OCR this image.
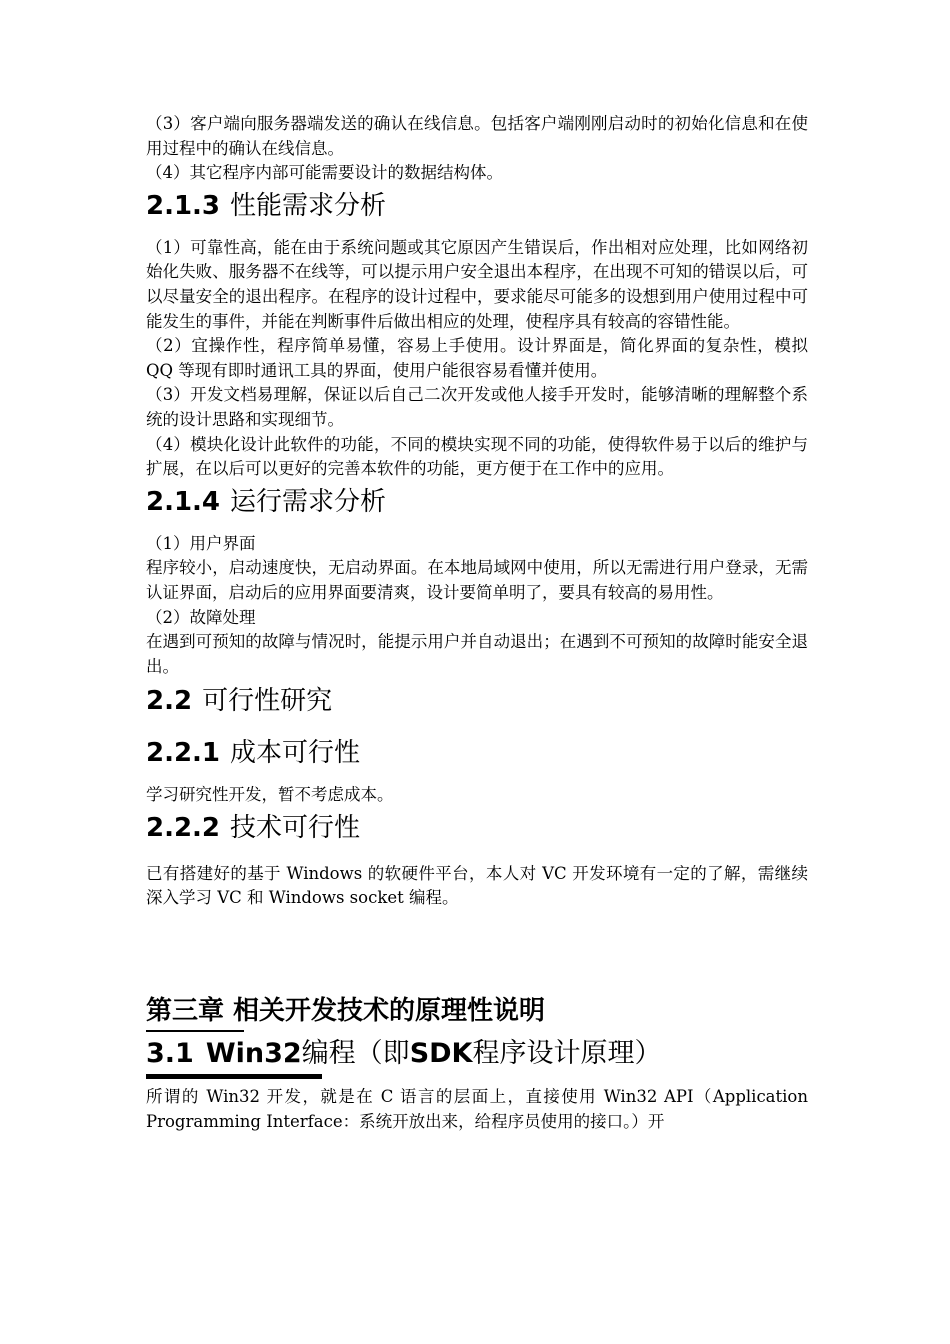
（3）客户端向服务器端发送的确认在线信息。包括客户端刚刚启动时的初始化信息和在使用过程中的确认在线信息。

（4）其它程序内部可能需要设计的数据结构体。

2.1.3 性能需求分析

（1）可靠性高，能在由于系统问题或其它原因产生错误后，作出相对应处理，比如网络初始化失败、服务器不在线等，可以提示用户安全退出本程序，在出现不可知的错误以后，可以尽量安全的退出程序。在程序的设计过程中，要求能尽可能多的设想到用户使用过程中可能发生的事件，并能在判断事件后做出相应的处理，使程序具有较高的容错性能。

（2）宜操作性，程序简单易懂，容易上手使用。设计界面是，简化界面的复杂性，模拟 QQ 等现有即时通讯工具的界面，使用户能很容易看懂并使用。

（3）开发文档易理解，保证以后自己二次开发或他人接手开发时，能够清晰的理解整个系统的设计思路和实现细节。

（4）模块化设计此软件的功能，不同的模块实现不同的功能，使得软件易于以后的维护与扩展，在以后可以更好的完善本软件的功能，更方便于在工作中的应用。

2.1.4 运行需求分析

（1）用户界面

程序较小，启动速度快，无启动界面。在本地局域网中使用，所以无需进行用户登录，无需认证界面，启动后的应用界面要清爽，设计要简单明了，要具有较高的易用性。

（2）故障处理

在遇到可预知的故障与情况时，能提示用户并自动退出；在遇到不可预知的故障时能安全退出。

2.2 可行性研究
2.2.1 成本可行性

学习研究性开发，暂不考虑成本。

2.2.2 技术可行性

已有搭建好的基于 Windows 的软硬件平台，本人对 VC 开发环境有一定的了解，需继续深入学习 VC 和 Windows socket 编程。

第三章 相关开发技术的原理性说明
3.1 Win32编程（即SDK程序设计原理）

所谓的 Win32 开发，就是在 C 语言的层面上，直接使用 Win32 API（Application Programming Interface：系统开放出来，给程序员使用的接口。）开
